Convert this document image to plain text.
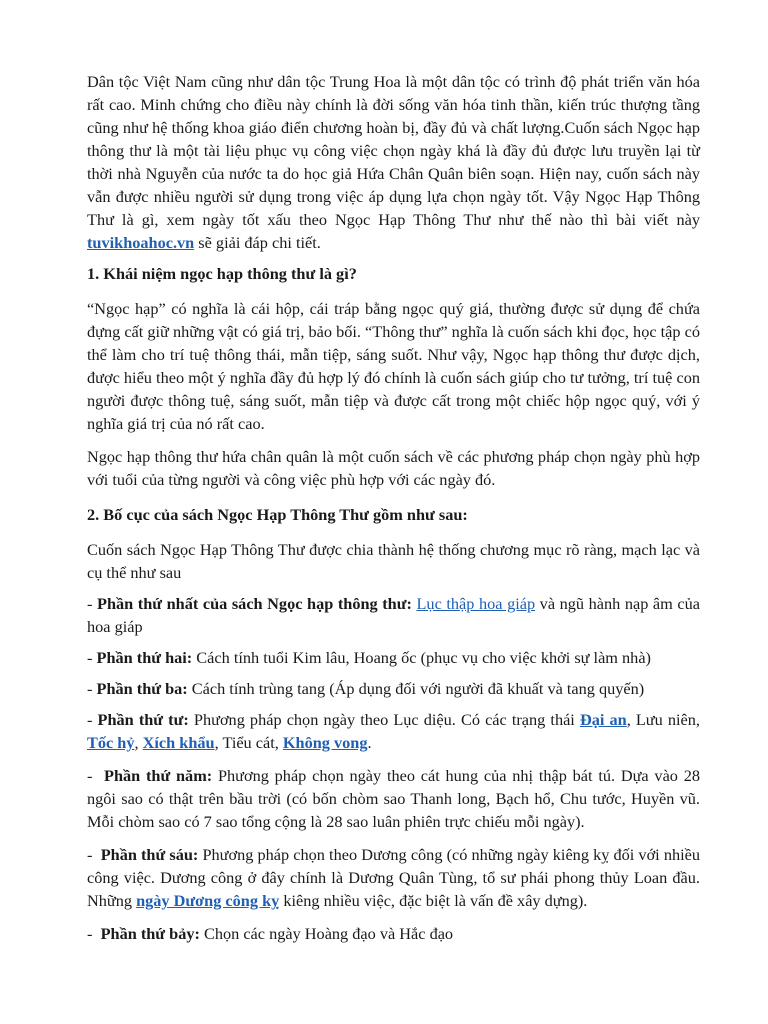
Dân tộc Việt Nam cũng như dân tộc Trung Hoa là một dân tộc có trình độ phát triển văn hóa rất cao. Minh chứng cho điều này chính là đời sống văn hóa tinh thần, kiến trúc thượng tầng cũng như hệ thống khoa giáo điển chương hoàn bị, đầy đủ và chất lượng.Cuốn sách Ngọc hạp thông thư là một tài liệu phục vụ công việc chọn ngày khá là đầy đủ được lưu truyền lại từ thời nhà Nguyễn của nước ta do học giả Hứa Chân Quân biên soạn. Hiện nay, cuốn sách này vẫn được nhiều người sử dụng trong việc áp dụng lựa chọn ngày tốt. Vậy Ngọc Hạp Thông Thư là gì, xem ngày tốt xấu theo Ngọc Hạp Thông Thư như thế nào thì bài viết này tuvikhoahoc.vn sẽ giải đáp chi tiết.

1. Khái niệm ngọc hạp thông thư là gì?

“Ngọc hạp” có nghĩa là cái hộp, cái tráp bằng ngọc quý giá, thường được sử dụng để chứa đựng cất giữ những vật có giá trị, bảo bối. “Thông thư” nghĩa là cuốn sách khi đọc, học tập có thể làm cho trí tuệ thông thái, mẫn tiệp, sáng suốt. Như vậy, Ngọc hạp thông thư được dịch, được hiểu theo một ý nghĩa đầy đủ hợp lý đó chính là cuốn sách giúp cho tư tưởng, trí tuệ con người được thông tuệ, sáng suốt, mẫn tiệp và được cất trong một chiếc hộp ngọc quý, với ý nghĩa giá trị của nó rất cao.

Ngọc hạp thông thư hứa chân quân là một cuốn sách về các phương pháp chọn ngày phù hợp với tuổi của từng người và công việc phù hợp với các ngày đó.

2. Bố cục của sách Ngọc Hạp Thông Thư gồm như sau:

Cuốn sách Ngọc Hạp Thông Thư được chia thành hệ thống chương mục rõ ràng, mạch lạc và cụ thể như sau

- Phần thứ nhất của sách Ngọc hạp thông thư: Lục thập hoa giáp và ngũ hành nạp âm của hoa giáp

- Phần thứ hai: Cách tính tuổi Kim lâu, Hoang ốc (phục vụ cho việc khởi sự làm nhà)

- Phần thứ ba: Cách tính trùng tang (Áp dụng đối với người đã khuất và tang quyến)

- Phần thứ tư: Phương pháp chọn ngày theo Lục diệu. Có các trạng thái Đại an, Lưu niên, Tốc hỷ, Xích khẩu, Tiểu cát, Không vong.

-  Phần thứ năm: Phương pháp chọn ngày theo cát hung của nhị thập bát tú. Dựa vào 28 ngôi sao có thật trên bầu trời (có bốn chòm sao Thanh long, Bạch hổ, Chu tước, Huyền vũ. Mỗi chòm sao có 7 sao tổng cộng là 28 sao luân phiên trực chiếu mỗi ngày).

-  Phần thứ sáu: Phương pháp chọn theo Dương công (có những ngày kiêng kỵ đối với nhiều công việc. Dương công ở đây chính là Dương Quân Tùng, tổ sư phái phong thủy Loan đầu. Những ngày Dương công kỵ kiêng nhiều việc, đặc biệt là vấn đề xây dựng).

-  Phần thứ bảy: Chọn các ngày Hoàng đạo và Hắc đạo
